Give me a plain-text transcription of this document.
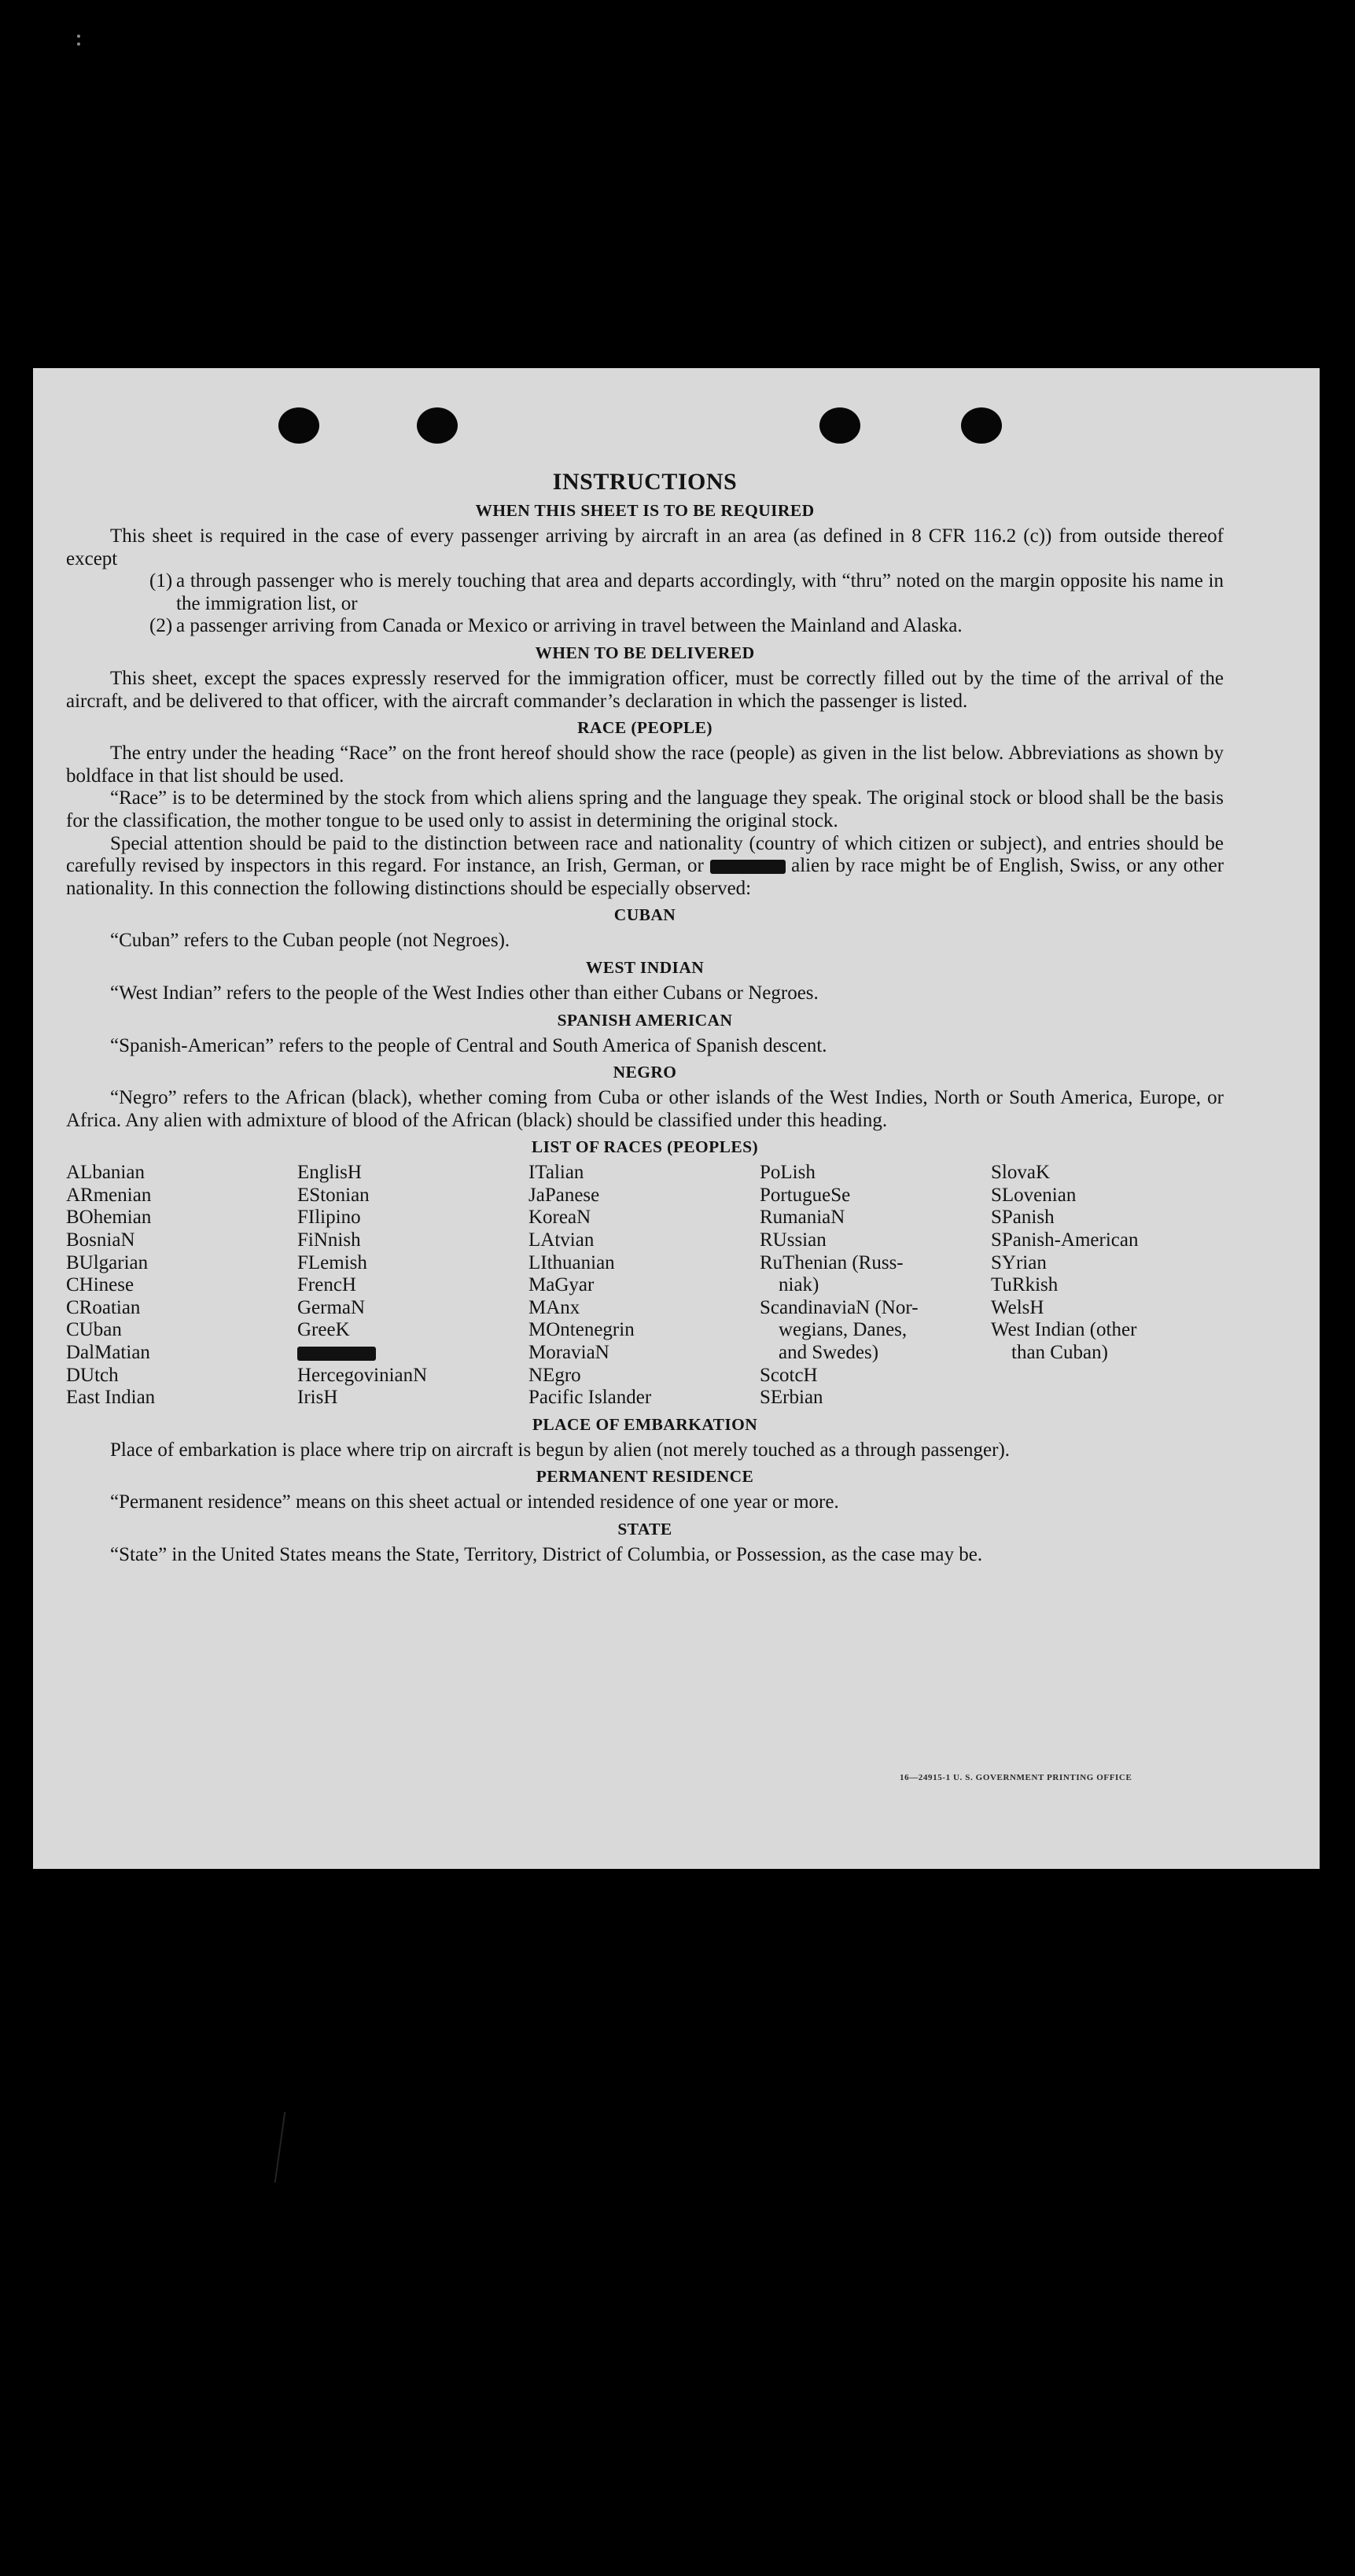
INSTRUCTIONS
WHEN THIS SHEET IS TO BE REQUIRED

This sheet is required in the case of every passenger arriving by aircraft in an area (as defined in 8 CFR 116.2 (c)) from outside thereof except

(1) a through passenger who is merely touching that area and departs accordingly, with “thru” noted on the margin opposite his name in the immigration list, or
(2) a passenger arriving from Canada or Mexico or arriving in travel between the Mainland and Alaska.
WHEN TO BE DELIVERED

This sheet, except the spaces expressly reserved for the immigration officer, must be correctly filled out by the time of the arrival of the aircraft, and be delivered to that officer, with the aircraft commander’s declaration in which the passenger is listed.

RACE (PEOPLE)

The entry under the heading “Race” on the front hereof should show the race (people) as given in the list below. Abbreviations as shown by boldface in that list should be used.

“Race” is to be determined by the stock from which aliens spring and the language they speak. The original stock or blood shall be the basis for the classification, the mother tongue to be used only to assist in determining the original stock.

Special attention should be paid to the distinction between race and nationality (country of which citizen or subject), and entries should be carefully revised by inspectors in this regard. For instance, an Irish, German, or	alien by race might be of English, Swiss, or any other nationality. In this connection the following distinctions should be especially observed:

CUBAN

“Cuban” refers to the Cuban people (not Negroes).

WEST INDIAN

“West Indian” refers to the people of the West Indies other than either Cubans or Negroes.

SPANISH AMERICAN

“Spanish-American” refers to the people of Central and South America of Spanish descent.

NEGRO

“Negro” refers to the African (black), whether coming from Cuba or other islands of the West Indies, North or South America, Europe, or Africa. Any alien with admixture of blood of the African (black) should be classified under this heading.

LIST OF RACES (PEOPLES)
ALbanian
ARmenian
BOhemian
BosniaN
BUlgarian
CHinese
CRoatian
CUban
DalMatian
DUtch
East Indian
EnglisH
EStonian
FIlipino
FiNnish
FLemish
FrencH
GermaN
GreeK
HercegovinianN
IrisH
ITalian
JaPanese
KoreaN
LAtvian
LIthuanian
MaGyar
MAnx
MOntenegrin
MoraviaN
NEgro
Pacific Islander
PoLish
PortugueSe
RumaniaN
RUssian
RuThenian (Russ-
niak)
ScandinaviaN (Nor-
wegians, Danes,
and Swedes)
ScotcH
SErbian
SlovaK
SLovenian
SPanish
SPanish-American
SYrian
TuRkish
WelsH
West Indian (other
than Cuban)
PLACE OF EMBARKATION

Place of embarkation is place where trip on aircraft is begun by alien (not merely touched as a through passenger).

PERMANENT RESIDENCE

“Permanent residence” means on this sheet actual or intended residence of one year or more.

STATE

“State” in the United States means the State, Territory, District of Columbia, or Possession, as the case may be.

16—24915-1 U. S. GOVERNMENT PRINTING OFFICE
